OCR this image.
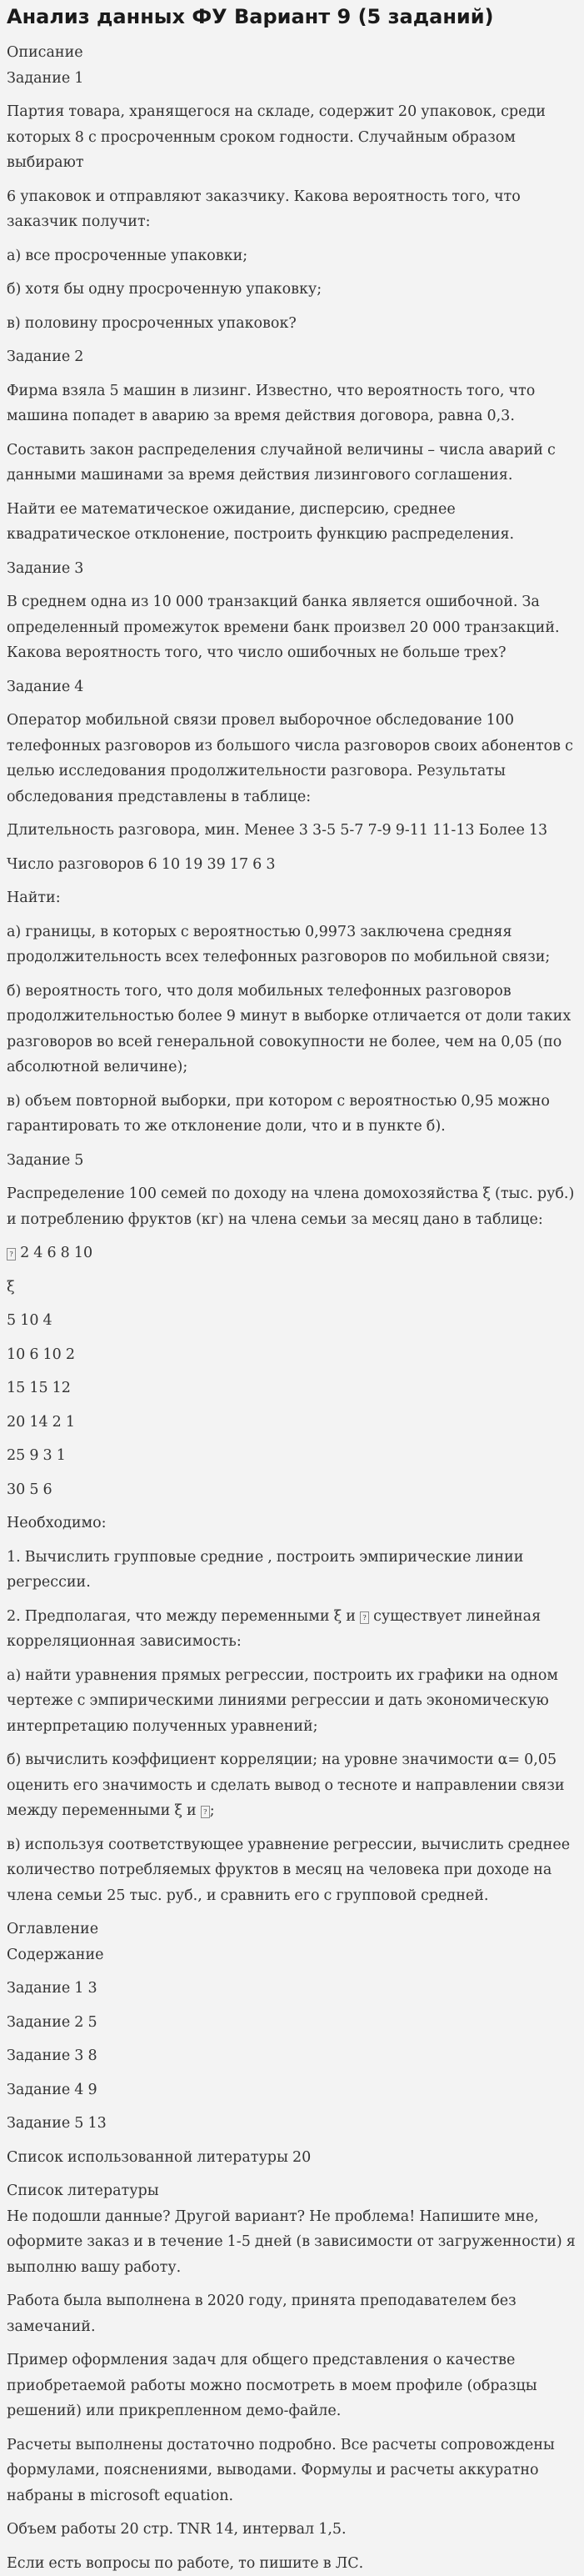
Анализ данных ФУ Вариант 9 (5 заданий)
Описание
Задание 1
Партия товара, хранящегося на складе, содержит 20 упаковок, среди которых 8 с просроченным сроком годности. Случайным образом выбирают
6 упаковок и отправляют заказчику. Какова вероятность того, что заказчик получит:
а) все просроченные упаковки;
б) хотя бы одну просроченную упаковку;
в) половину просроченных упаковок?
Задание 2
Фирма взяла 5 машин в лизинг. Известно, что вероятность того, что машина попадет в аварию за время действия договора, равна 0,3.
Составить закон распределения случайной величины – числа аварий с данными машинами за время действия лизингового соглашения.
Найти ее математическое ожидание, дисперсию, среднее квадратическое отклонение, построить функцию распределения.
Задание 3
В среднем одна из 10 000 транзакций банка является ошибочной. За определенный промежуток времени банк произвел 20 000 транзакций. Какова вероятность того, что число ошибочных не больше трех?
Задание 4
Оператор мобильной связи провел выборочное обследование 100 телефонных разговоров из большого числа разговоров своих абонентов с целью исследования продолжительности разговора. Результаты обследования представлены в таблице:
Длительность разговора, мин. Менее 3 3-5 5-7 7-9 9-11 11-13 Более 13
Число разговоров 6 10 19 39 17 6 3
Найти:
а) границы, в которых с вероятностью 0,9973 заключена средняя продолжительность всех телефонных разговоров по мобильной связи;
б) вероятность того, что доля мобильных телефонных разговоров продолжительностью более 9 минут в выборке отличается от доли таких разговоров во всей генеральной совокупности не более, чем на 0,05 (по абсолютной величине);
в) объем повторной выборки, при котором с вероятностью 0,95 можно гарантировать то же отклонение доли, что и в пункте б).
Задание 5
Распределение 100 семей по доходу на члена домохозяйства ξ (тыс. руб.) и потреблению фруктов (кг) на члена семьи за месяц дано в таблице:
? 2 4 6 8 10
ξ
5 10 4
10 6 10 2
15 15 12
20 14 2 1
25 9 3 1
30 5 6
Необходимо:
1. Вычислить групповые средние , построить эмпирические линии регрессии.
2. Предполагая, что между переменными ξ и ? существует линейная корреляционная зависимость:
а) найти уравнения прямых регрессии, построить их графики на одном чертеже с эмпирическими линиями регрессии и дать экономическую интерпретацию полученных уравнений;
б) вычислить коэффициент корреляции; на уровне значимости α= 0,05 оценить его значимость и сделать вывод о тесноте и направлении связи между переменными ξ и ? ;
в) используя соответствующее уравнение регрессии, вычислить среднее количество потребляемых фруктов в месяц на человека при доходе на члена семьи 25 тыс. руб., и сравнить его с групповой средней.
Оглавление
Содержание
Задание 1 3
Задание 2 5
Задание 3 8
Задание 4 9
Задание 5 13
Список использованной литературы 20
Список литературы
Не подошли данные? Другой вариант? Не проблема! Напишите мне, оформите заказ и в течение 1-5 дней (в зависимости от загруженности) я выполню вашу работу.
Работа была выполнена в 2020 году, принята преподавателем без замечаний.
Пример оформления задач для общего представления о качестве приобретаемой работы можно посмотреть в моем профиле (образцы решений) или прикрепленном демо-файле.
Расчеты выполнены достаточно подробно. Все расчеты сопровождены формулами, пояснениями, выводами. Формулы и расчеты аккуратно набраны в microsoft equation.
Объем работы 20 стр. TNR 14, интервал 1,5.
Если есть вопросы по работе, то пишите в ЛС.
